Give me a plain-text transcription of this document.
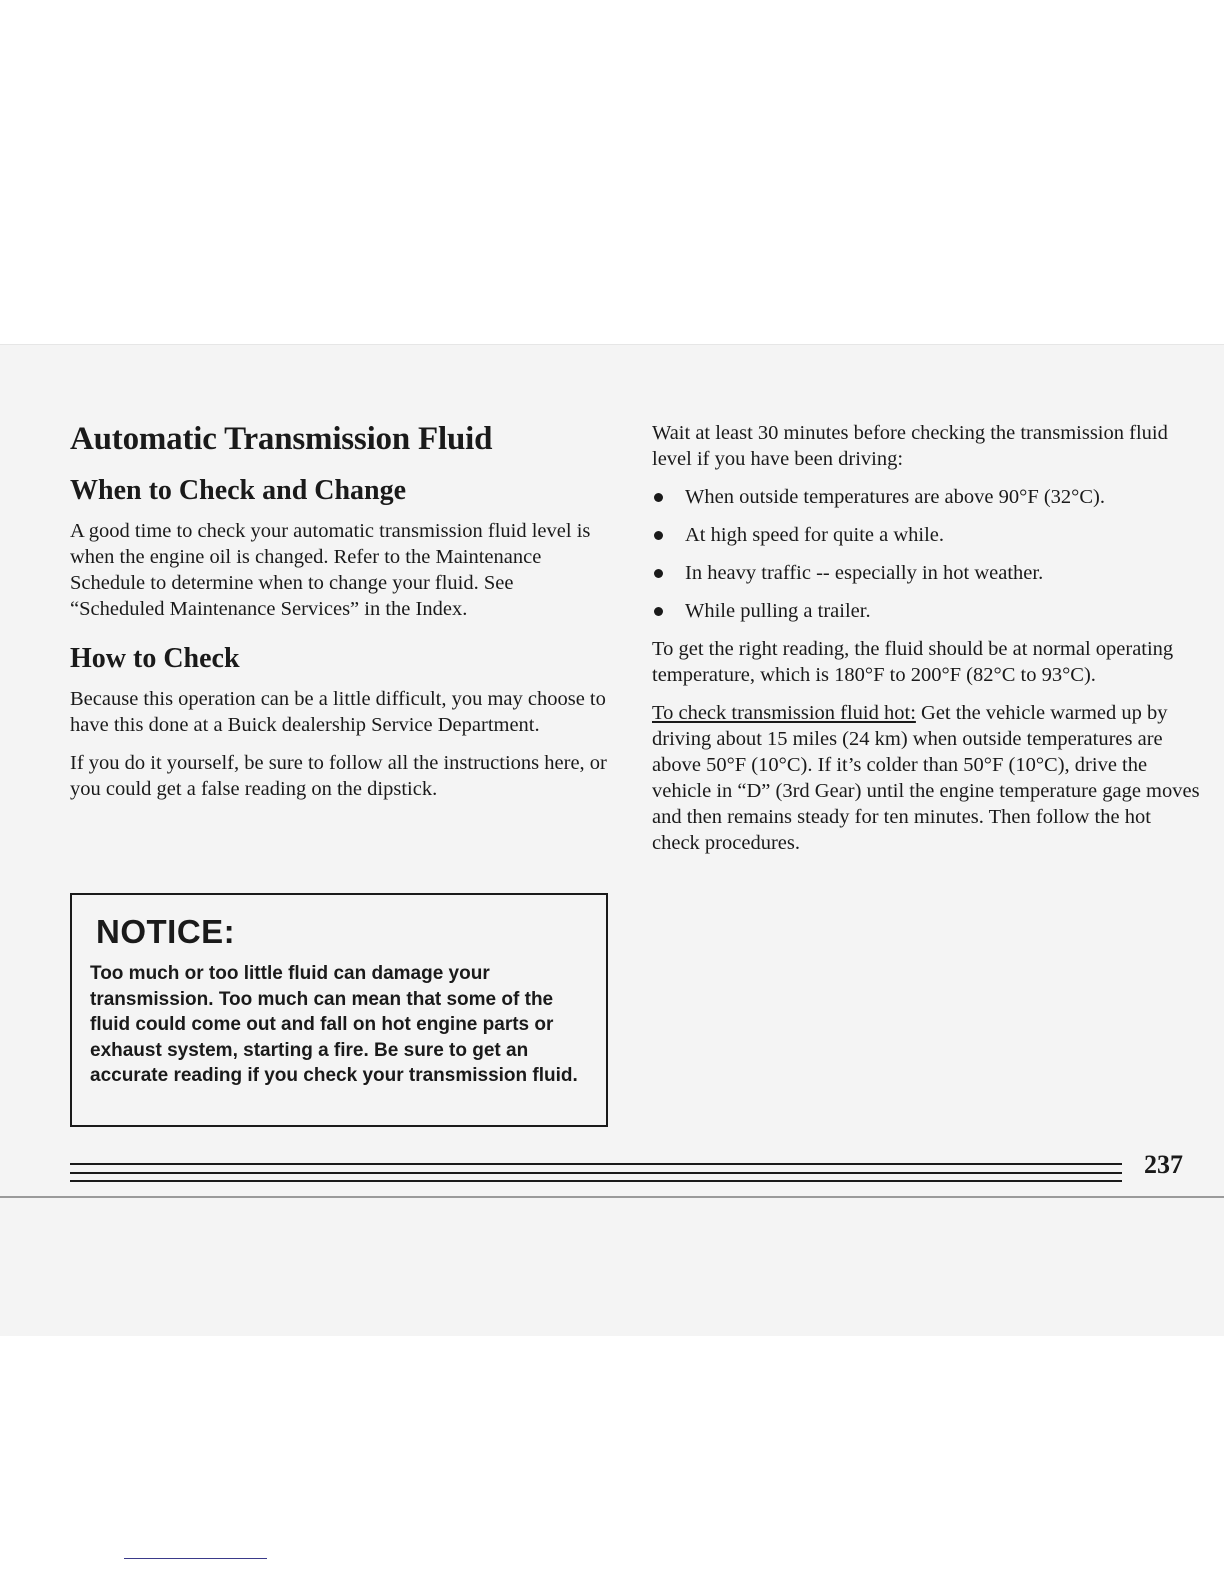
Automatic Transmission Fluid
When to Check and Change

A good time to check your automatic transmission fluid level is when the engine oil is changed. Refer to the Maintenance Schedule to determine when to change your fluid. See “Scheduled Maintenance Services” in the Index.

How to Check

Because this operation can be a little difficult, you may choose to have this done at a Buick dealership Service Department.

If you do it yourself, be sure to follow all the instructions here, or you could get a false reading on the dipstick.

NOTICE:
Too much or too little fluid can damage your transmission. Too much can mean that some of the fluid could come out and fall on hot engine parts or exhaust system, starting a fire. Be sure to get an accurate reading if you check your transmission fluid.

Wait at least 30 minutes before checking the transmission fluid level if you have been driving:

When outside temperatures are above 90°F (32°C).
At high speed for quite a while.
In heavy traffic -- especially in hot weather.
While pulling a trailer.

To get the right reading, the fluid should be at normal operating temperature, which is 180°F to 200°F (82°C to 93°C).

To check transmission fluid hot: Get the vehicle warmed up by driving about 15 miles (24 km) when outside temperatures are above 50°F (10°C). If it’s colder than 50°F (10°C), drive the vehicle in “D” (3rd Gear) until the engine temperature gage moves and then remains steady for ten minutes. Then follow the hot check procedures.

237
